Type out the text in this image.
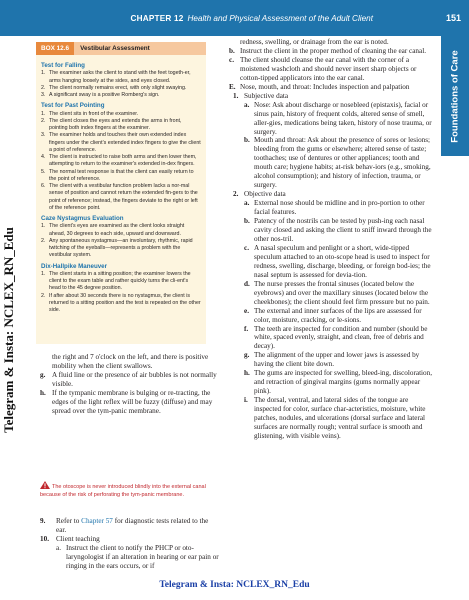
CHAPTER 12 Health and Physical Assessment of the Adult Client	151
Foundations of Care
Telegram & Insta: NCLEX_RN_Edu
BOX 12.6	Vestibular Assessment
Test for Falling
1. The examiner asks the client to stand with the feet togeth-er, arms hanging loosely at the sides, and eyes closed.
2. The client normally remains erect, with only slight swaying.
3. A significant sway is a positive Romberg's sign.
Test for Past Pointing
1. The client sits in front of the examiner.
2. The client closes the eyes and extends the arms in front, pointing both index fingers at the examiner.
3. The examiner holds and touches their own extended index fingers under the client's extended index fingers to give the client a point of reference.
4. The client is instructed to raise both arms and then lower them, attempting to return to the examiner's extended in-dex fingers.
5. The normal test response is that the client can easily return to the point of reference.
6. The client with a vestibular function problem lacks a nor-mal sense of position and cannot return the extended fin-gers to the point of reference; instead, the fingers deviate to the right or left of the reference point.
Caze Nystagmus Evaluation
1. The client's eyes are examined as the client looks straight ahead, 30 degrees to each side, upward and downward.
2. Any spontaneous nystagmus—an involuntary, rhythmic, rapid twitching of the eyeballs—represents a problem with the vestibular system.
Dix-Hallpike Maneuver
1. The client starts in a sitting position; the examiner lowers the client to the exam table and rather quickly turns the cli-ent's head to the 45 degree position.
2. If after about 30 seconds there is no nystagmus, the client is returned to a sitting position and the test is repeated on the other side.
the right and 7 o'clock on the left, and there is positive mobility when the client swallows.
g. A fluid line or the presence of air bubbles is not normally visible.
h. If the tympanic membrane is bulging or re-tracting, the edges of the light reflex will be fuzzy (diffuse) and may spread over the tym-panic membrane.
The otoscope is never introduced blindly into the external canal because of the risk of perforating the tym-panic membrane.
9.	Refer to Chapter 57 for diagnostic tests related to the ear.
10. Client teaching
a. Instruct the client to notify the PHCP or oto-laryngologist if an alteration in hearing or ear pain or ringing in the ears occurs, or if
redness, swelling, or drainage from the ear is noted.
b. Instruct the client in the proper method of cleaning the ear canal.
c. The client should cleanse the ear canal with the corner of a moistened washcloth and should never insert sharp objects or cotton-tipped applicators into the ear canal.
E. Nose, mouth, and throat: Includes inspection and palpation
1. Subjective data
a. Nose: Ask about discharge or nosebleed (epistaxis), facial or sinus pain, history of frequent colds, altered sense of smell, aller-gies, medications being taken, history of nose trauma, or surgery.
b. Mouth and throat: Ask about the presence of sores or lesions; bleeding from the gums or elsewhere; altered sense of taste; toothaches; use of dentures or other appliances; tooth and mouth care; hygiene habits; at-risk behav-iors (e.g., smoking, alcohol consumption); and history of infection, trauma, or surgery.
2. Objective data
a. External nose should be midline and in pro-portion to other facial features.
b. Patency of the nostrils can be tested by push-ing each nasal cavity closed and asking the client to sniff inward through the other nos-tril.
c. A nasal speculum and penlight or a short, wide-tipped speculum attached to an oto-scope head is used to inspect for redness, swelling, discharge, bleeding, or foreign bod-ies; the nasal septum is assessed for devia-tion.
d. The nurse presses the frontal sinuses (located below the eyebrows) and over the maxillary sinuses (located below the cheekbones); the client should feel firm pressure but no pain.
e. The external and inner surfaces of the lips are assessed for color, moisture, cracking, or le-sions.
f. The teeth are inspected for condition and number (should be white, spaced evenly, straight, and clean, free of debris and decay).
g. The alignment of the upper and lower jaws is assessed by having the client bite down.
h. The gums are inspected for swelling, bleed-ing, discoloration, and retraction of gingival margins (gums normally appear pink).
i. The dorsal, ventral, and lateral sides of the tongue are inspected for color, surface char-acteristics, moisture, white patches, nodules, and ulcerations (dorsal surface and lateral surfaces are normally rough; ventral surface is smooth and glistening, with visible veins).
Telegram & Insta: NCLEX_RN_Edu
